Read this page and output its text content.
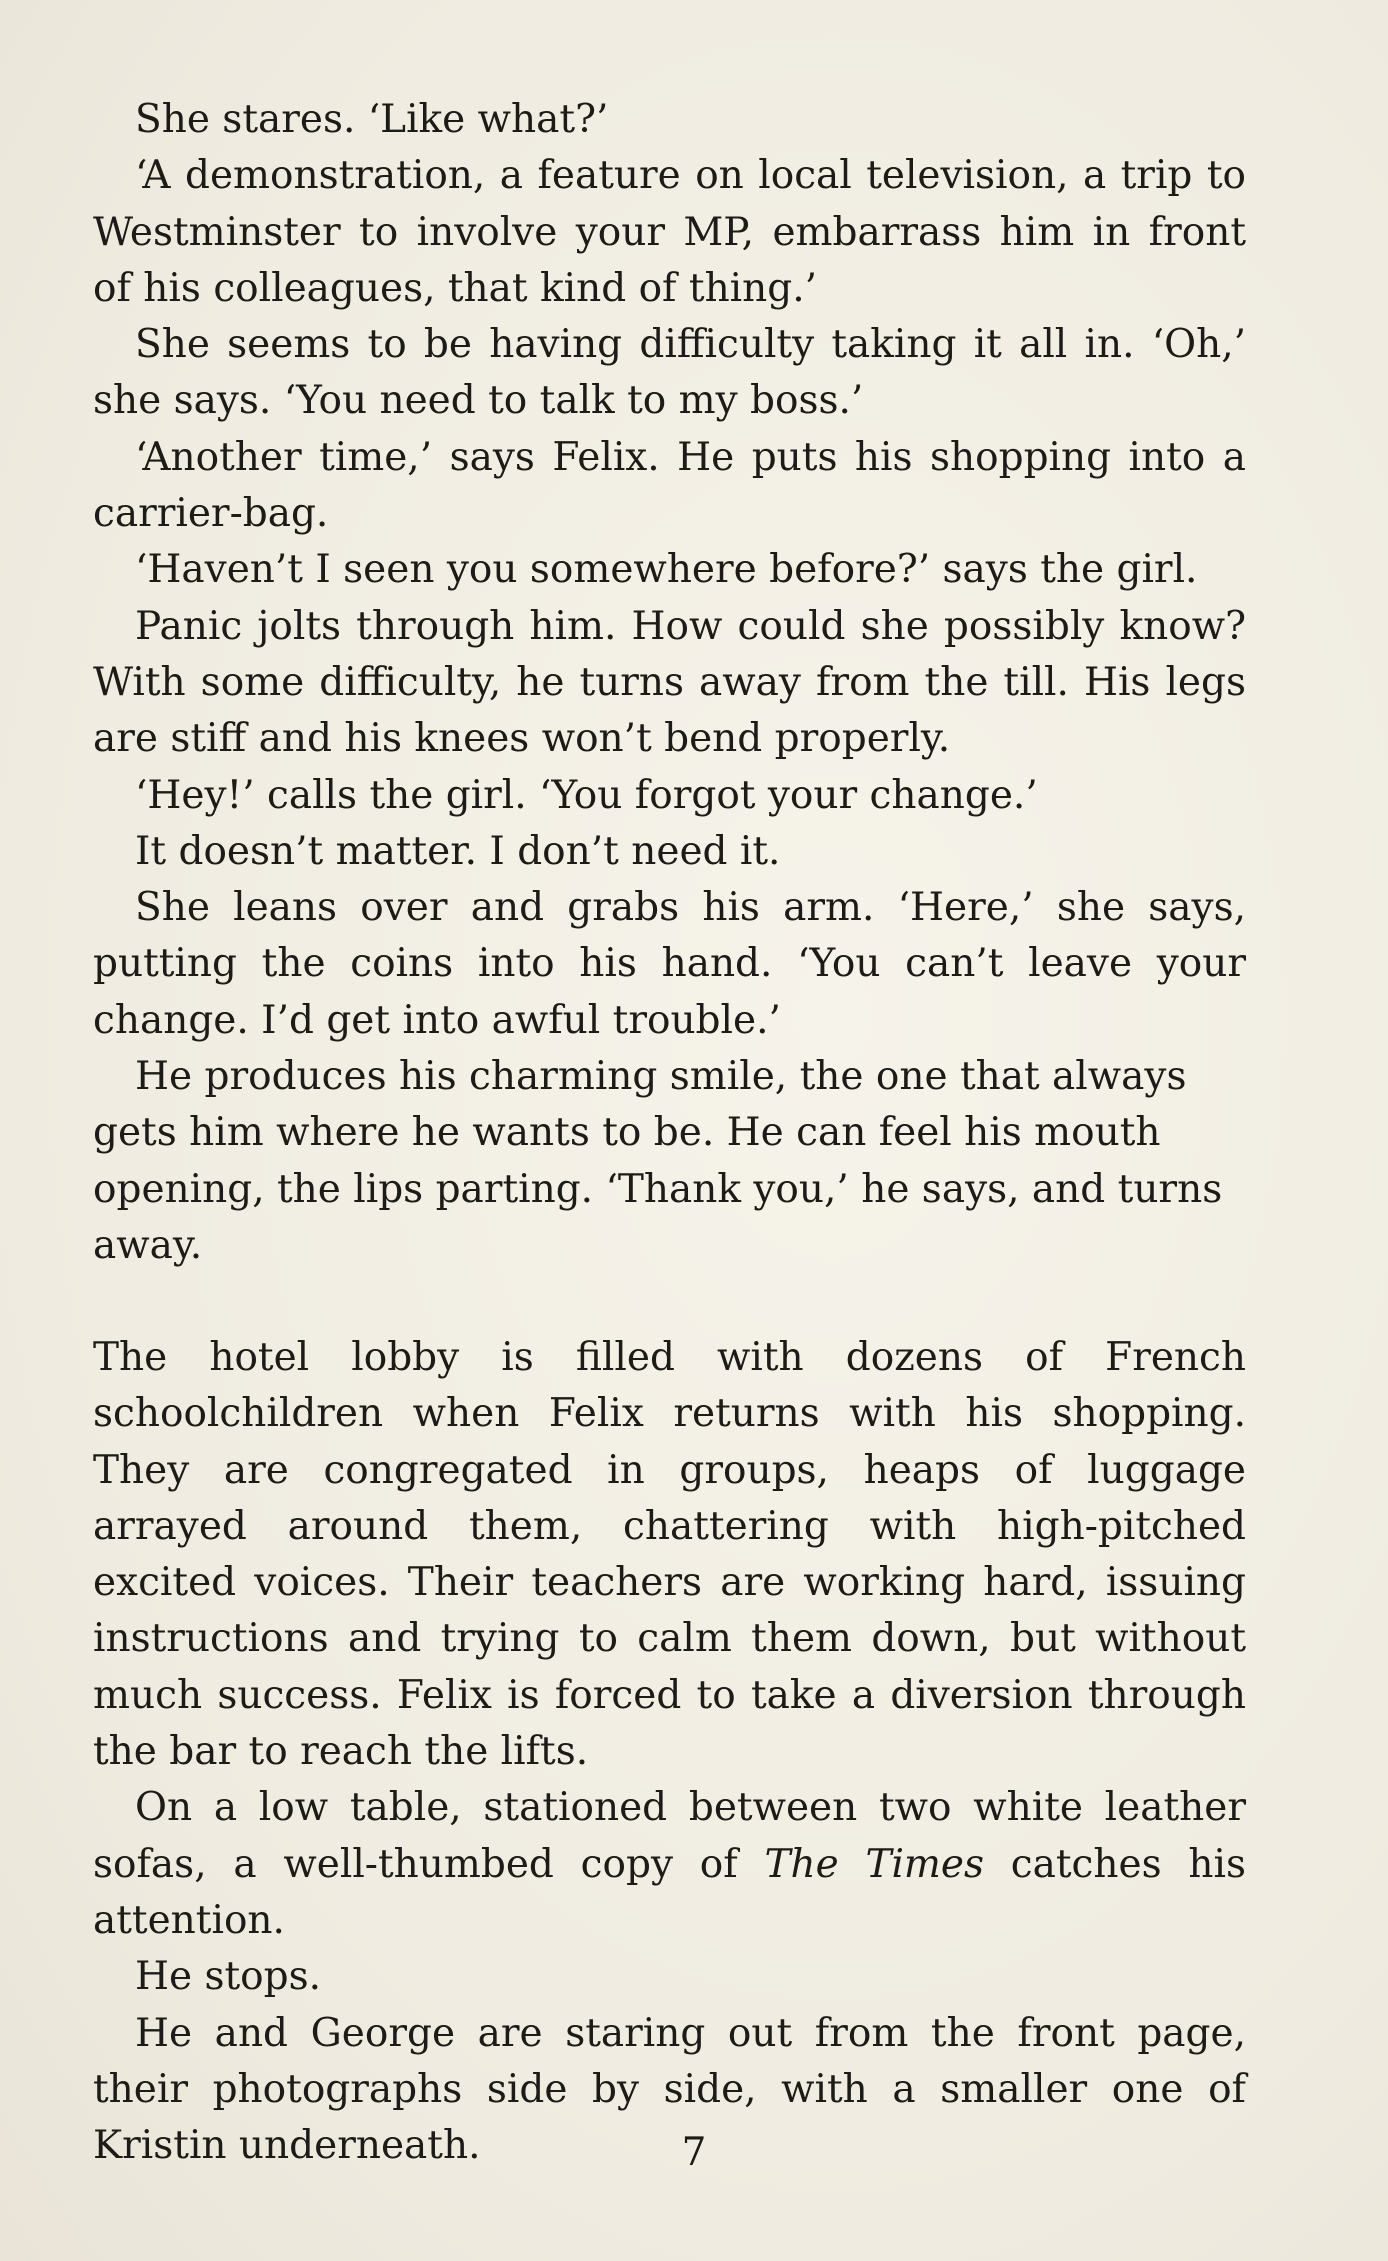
She stares. ‘Like what?’

‘A demonstration, a feature on local television, a trip to Westminster to involve your MP, embarrass him in front of his colleagues, that kind of thing.’

She seems to be having difficulty taking it all in. ‘Oh,’ she says. ‘You need to talk to my boss.’

‘Another time,’ says Felix. He puts his shopping into a carrier-bag.

‘Haven’t I seen you somewhere before?’ says the girl.

Panic jolts through him. How could she possibly know? With some difficulty, he turns away from the till. His legs are stiff and his knees won’t bend properly.

‘Hey!’ calls the girl. ‘You forgot your change.’

It doesn’t matter. I don’t need it.

She leans over and grabs his arm. ‘Here,’ she says, putting the coins into his hand. ‘You can’t leave your change. I’d get into awful trouble.’

He produces his charming smile, the one that always gets him where he wants to be. He can feel his mouth opening, the lips parting. ‘Thank you,’ he says, and turns away.

The hotel lobby is filled with dozens of French schoolchildren when Felix returns with his shopping. They are congregated in groups, heaps of luggage arrayed around them, chattering with high-pitched excited voices. Their teachers are working hard, issuing instructions and trying to calm them down, but without much success. Felix is forced to take a diversion through the bar to reach the lifts.

On a low table, stationed between two white leather sofas, a well-thumbed copy of The Times catches his attention.

He stops.

He and George are staring out from the front page, their photographs side by side, with a smaller one of Kristin underneath.	7
